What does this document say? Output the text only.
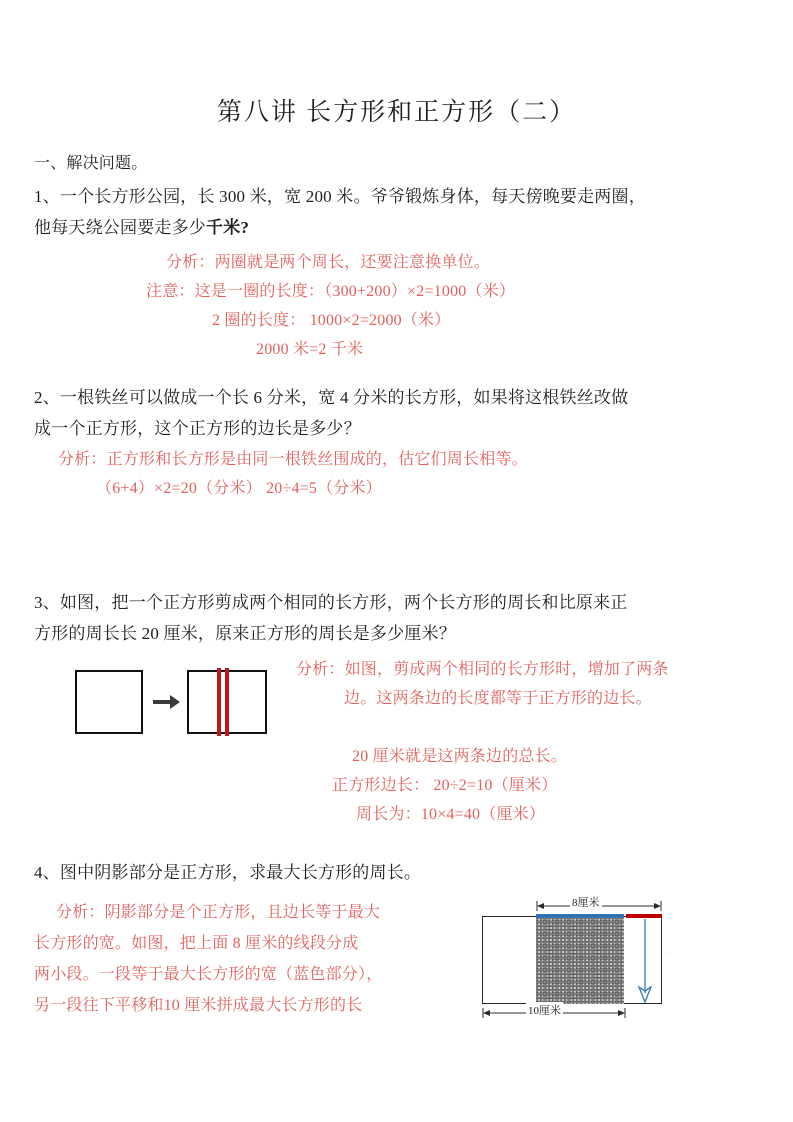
第八讲 长方形和正方形（二）
一、解决问题。
1、一个长方形公园，长 300 米，宽 200 米。爷爷锻炼身体，每天傍晚要走两圈，
他每天绕公园要走多少千米?
分析：两圈就是两个周长，还要注意换单位。
注意：这是一圈的长度：（300+200）×2=1000（米）
2 圈的长度： 1000×2=2000（米）
2000 米=2 千米
2、一根铁丝可以做成一个长 6 分米，宽 4 分米的长方形，如果将这根铁丝改做
成一个正方形，这个正方形的边长是多少？
分析：正方形和长方形是由同一根铁丝围成的，估它们周长相等。
（6+4）×2=20（分米） 20÷4=5（分米）
3、如图，把一个正方形剪成两个相同的长方形，两个长方形的周长和比原来正
方形的周长长 20 厘米，原来正方形的周长是多少厘米？
分析：如图，剪成两个相同的长方形时，增加了两条
边。这两条边的长度都等于正方形的边长。
20 厘米就是这两条边的总长。
正方形边长： 20÷2=10（厘米）
周长为：10×4=40（厘米）
4、图中阴影部分是正方形，求最大长方形的周长。
分析：阴影部分是个正方形，且边长等于最大
长方形的宽。如图，把上面 8 厘米的线段分成
两小段。一段等于最大长方形的宽（蓝色部分），
另一段往下平移和10 厘米拼成最大长方形的长
8厘米
10厘米
·
